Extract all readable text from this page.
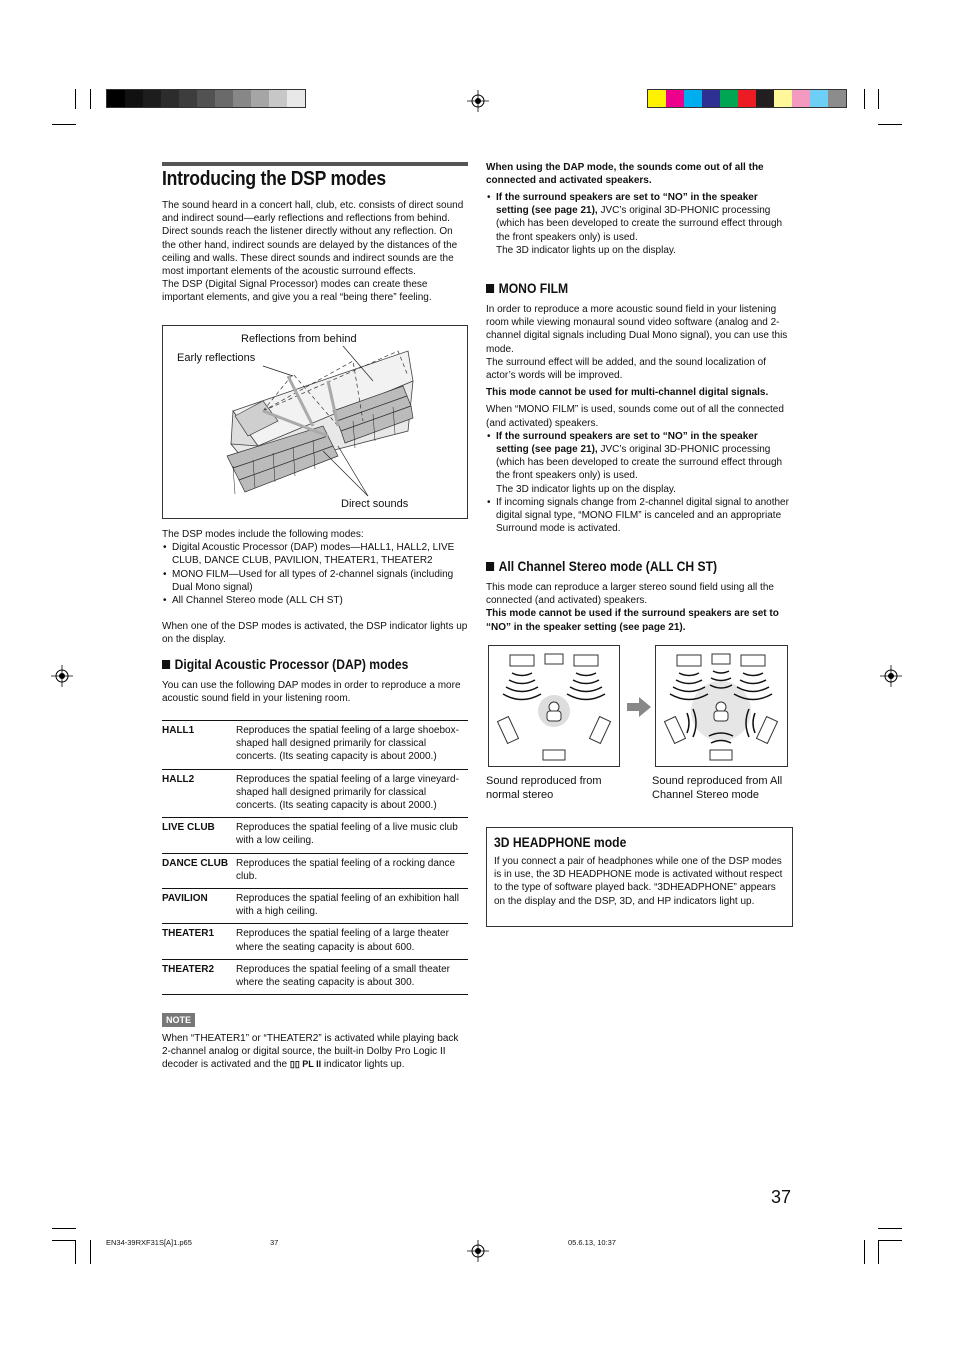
Introducing the DSP modes
The sound heard in a concert hall, club, etc. consists of direct sound and indirect sound—early reflections and reflections from behind. Direct sounds reach the listener directly without any reflection. On the other hand, indirect sounds are delayed by the distances of the ceiling and walls. These direct sounds and indirect sounds are the most important elements of the acoustic surround effects.
The DSP (Digital Signal Processor) modes can create these important elements, and give you a real “being there” feeling.
Reflections from behind
Early reflections
Direct sounds
The DSP modes include the following modes:
• Digital Acoustic Processor (DAP) modes—HALL1, HALL2, LIVE CLUB, DANCE CLUB, PAVILION, THEATER1, THEATER2
• MONO FILM—Used for all types of 2-channel signals (including Dual Mono signal)
• All Channel Stereo mode (ALL CH ST)
When one of the DSP modes is activated, the DSP indicator lights up on the display.
Digital Acoustic Processor (DAP) modes
You can use the following DAP modes in order to reproduce a more acoustic sound field in your listening room.
HALL1	Reproduces the spatial feeling of a large shoebox-shaped hall designed primarily for classical concerts. (Its seating capacity is about 2000.)
HALL2	Reproduces the spatial feeling of a large vineyard-shaped hall designed primarily for classical concerts. (Its seating capacity is about 2000.)
LIVE CLUB	Reproduces the spatial feeling of a live music club with a low ceiling.
DANCE CLUB	Reproduces the spatial feeling of a rocking dance club.
PAVILION	Reproduces the spatial feeling of an exhibition hall with a high ceiling.
THEATER1	Reproduces the spatial feeling of a large theater where the seating capacity is about 600.
THEATER2	Reproduces the spatial feeling of a small theater where the seating capacity is about 300.
NOTE
When “THEATER1” or “THEATER2” is activated while playing back 2-channel analog or digital source, the built-in Dolby Pro Logic II decoder is activated and the ▯▯ PL II indicator lights up.
When using the DAP mode, the sounds come out of all the connected and activated speakers.
• If the surround speakers are set to “NO” in the speaker setting (see page 21), JVC’s original 3D-PHONIC processing (which has been developed to create the surround effect through the front speakers only) is used.
The 3D indicator lights up on the display.
MONO FILM
In order to reproduce a more acoustic sound field in your listening room while viewing monaural sound video software (analog and 2-channel digital signals including Dual Mono signal), you can use this mode.
The surround effect will be added, and the sound localization of actor’s words will be improved.
This mode cannot be used for multi-channel digital signals.
When “MONO FILM” is used, sounds come out of all the connected (and activated) speakers.
• If the surround speakers are set to “NO” in the speaker setting (see page 21), JVC’s original 3D-PHONIC processing (which has been developed to create the surround effect through the front speakers only) is used.
The 3D indicator lights up on the display.
• If incoming signals change from 2-channel digital signal to another digital signal type, “MONO FILM” is canceled and an appropriate Surround mode is activated.
All Channel Stereo mode (ALL CH ST)
This mode can reproduce a larger stereo sound field using all the connected (and activated) speakers.
This mode cannot be used if the surround speakers are set to “NO” in the speaker setting (see page 21).
Sound reproduced from normal stereo
Sound reproduced from All Channel Stereo mode
3D HEADPHONE mode
If you connect a pair of headphones while one of the DSP modes is in use, the 3D HEADPHONE mode is activated without respect to the type of software played back. “3DHEADPHONE” appears on the display and the DSP, 3D, and HP indicators light up.
37
EN34-39RXF31S[A]1.p65	37	05.6.13, 10:37
